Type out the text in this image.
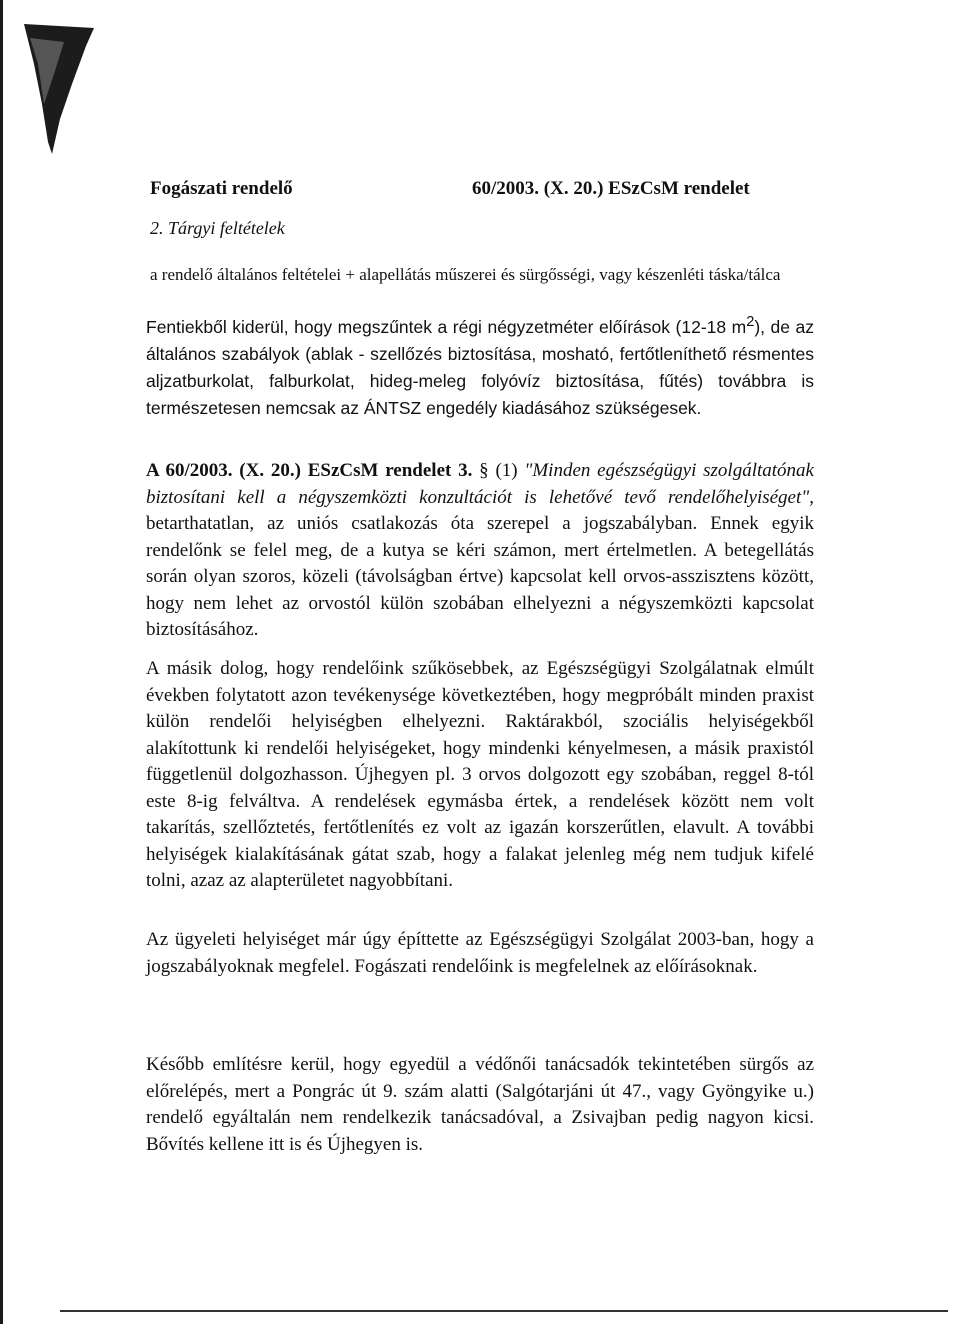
Fogászati rendelő	60/2003. (X. 20.) ESzCsM rendelet
2. Tárgyi feltételek
a rendelő általános feltételei + alapellátás műszerei és sürgősségi, vagy készenléti táska/tálca
Fentiekből kiderül, hogy megszűntek a régi négyzetméter előírások (12-18 $m^2$), de az általános szabályok (ablak - szellőzés biztosítása, mosható, fertőtleníthető résmentes aljzatburkolat, falburkolat, hideg-meleg folyóvíz biztosítása, fűtés) továbbra is természetesen nemcsak az ÁNTSZ engedély kiadásához szükségesek.
A 60/2003. (X. 20.) ESzCsM rendelet 3. § (1) "Minden egészségügyi szolgáltatónak biztosítani kell a négyszemközti konzultációt is lehetővé tevő rendelőhelyiséget", betarthatatlan, az uniós csatlakozás óta szerepel a jogszabályban. Ennek egyik rendelőnk se felel meg, de a kutya se kéri számon, mert értelmetlen. A betegellátás során olyan szoros, közeli (távolságban értve) kapcsolat kell orvos-asszisztens között, hogy nem lehet az orvostól külön szobában elhelyezni a négyszemközti kapcsolat biztosításához.
A másik dolog, hogy rendelőink szűkösebbek, az Egészségügyi Szolgálatnak elmúlt években folytatott azon tevékenysége következtében, hogy megpróbált minden praxist külön rendelői helyiségben elhelyezni. Raktárakból, szociális helyiségekből alakítottunk ki rendelői helyiségeket, hogy mindenki kényelmesen, a másik praxistól függetlenül dolgozhasson. Újhegyen pl. 3 orvos dolgozott egy szobában, reggel 8-tól este 8-ig felváltva. A rendelések egymásba értek, a rendelések között nem volt takarítás, szellőztetés, fertőtlenítés ez volt az igazán korszerűtlen, elavult. A további helyiségek kialakításának gátat szab, hogy a falakat jelenleg még nem tudjuk kifelé tolni, azaz az alapterületet nagyobbítani.
Az ügyeleti helyiséget már úgy építtette az Egészségügyi Szolgálat 2003-ban, hogy a jogszabályoknak megfelel. Fogászati rendelőink is megfelelnek az előírásoknak.
Később említésre kerül, hogy egyedül a védőnői tanácsadók tekintetében sürgős az előrelépés, mert a Pongrác út 9. szám alatti (Salgótarjáni út 47., vagy Gyöngyike u.) rendelő egyáltalán nem rendelkezik tanácsadóval, a Zsivajban pedig nagyon kicsi. Bővítés kellene itt is és Újhegyen is.
